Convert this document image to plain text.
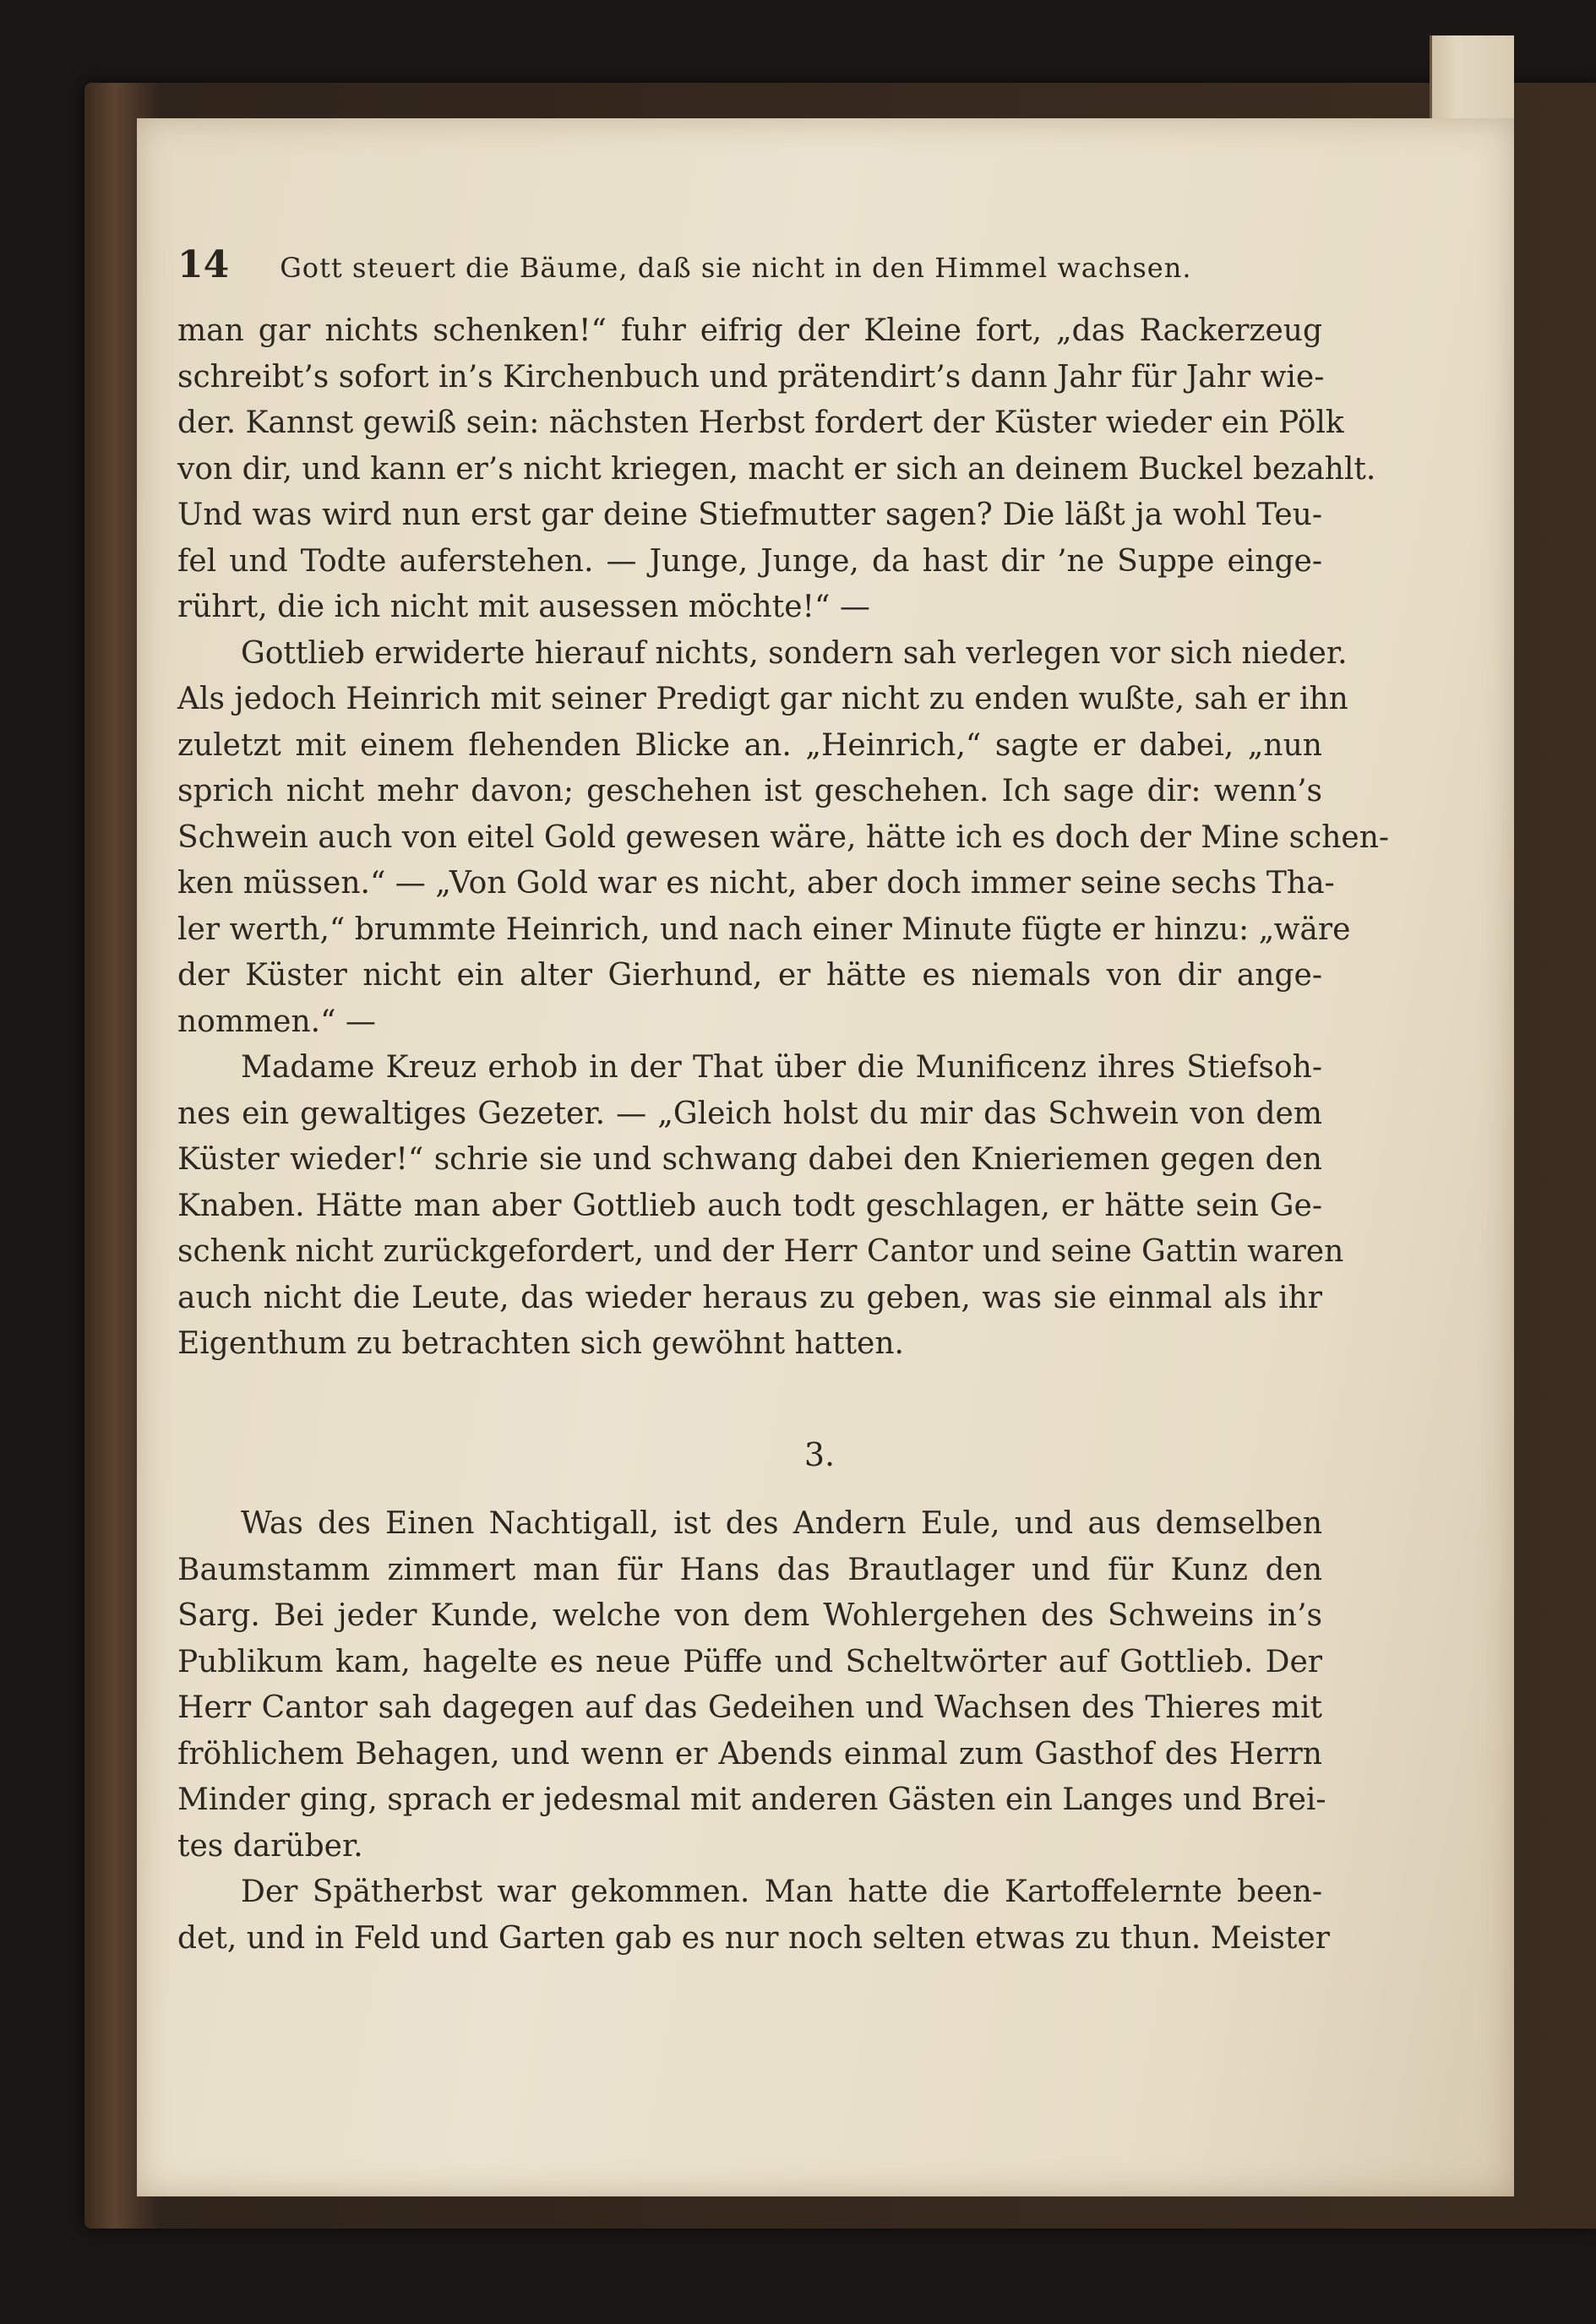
14 Gott steuert die Bäume, daß sie nicht in den Himmel wachsen.
man gar nichts schenken!“ fuhr eifrig der Kleine fort, „das Rackerzeug
schreibt’s sofort in’s Kirchenbuch und prätendirt’s dann Jahr für Jahr wie-
der. Kannst gewiß sein: nächsten Herbst fordert der Küster wieder ein Pölk
von dir, und kann er’s nicht kriegen, macht er sich an deinem Buckel bezahlt.
Und was wird nun erst gar deine Stiefmutter sagen? Die läßt ja wohl Teu-
fel und Todte auferstehen. — Junge, Junge, da hast dir ’ne Suppe einge-
rührt, die ich nicht mit ausessen möchte!“ —
Gottlieb erwiderte hierauf nichts, sondern sah verlegen vor sich nieder.
Als jedoch Heinrich mit seiner Predigt gar nicht zu enden wußte, sah er ihn
zuletzt mit einem flehenden Blicke an. „Heinrich,“ sagte er dabei, „nun
sprich nicht mehr davon; geschehen ist geschehen. Ich sage dir: wenn’s
Schwein auch von eitel Gold gewesen wäre, hätte ich es doch der Mine schen-
ken müssen.“ — „Von Gold war es nicht, aber doch immer seine sechs Tha-
ler werth,“ brummte Heinrich, und nach einer Minute fügte er hinzu: „wäre
der Küster nicht ein alter Gierhund, er hätte es niemals von dir ange-
nommen.“ —
Madame Kreuz erhob in der That über die Munificenz ihres Stiefsoh-
nes ein gewaltiges Gezeter. — „Gleich holst du mir das Schwein von dem
Küster wieder!“ schrie sie und schwang dabei den Knieriemen gegen den
Knaben. Hätte man aber Gottlieb auch todt geschlagen, er hätte sein Ge-
schenk nicht zurückgefordert, und der Herr Cantor und seine Gattin waren
auch nicht die Leute, das wieder heraus zu geben, was sie einmal als ihr
Eigenthum zu betrachten sich gewöhnt hatten.
3.
Was des Einen Nachtigall, ist des Andern Eule, und aus demselben
Baumstamm zimmert man für Hans das Brautlager und für Kunz den
Sarg. Bei jeder Kunde, welche von dem Wohlergehen des Schweins in’s
Publikum kam, hagelte es neue Püffe und Scheltwörter auf Gottlieb. Der
Herr Cantor sah dagegen auf das Gedeihen und Wachsen des Thieres mit
fröhlichem Behagen, und wenn er Abends einmal zum Gasthof des Herrn
Minder ging, sprach er jedesmal mit anderen Gästen ein Langes und Brei-
tes darüber.
Der Spätherbst war gekommen. Man hatte die Kartoffelernte been-
det, und in Feld und Garten gab es nur noch selten etwas zu thun. Meister
